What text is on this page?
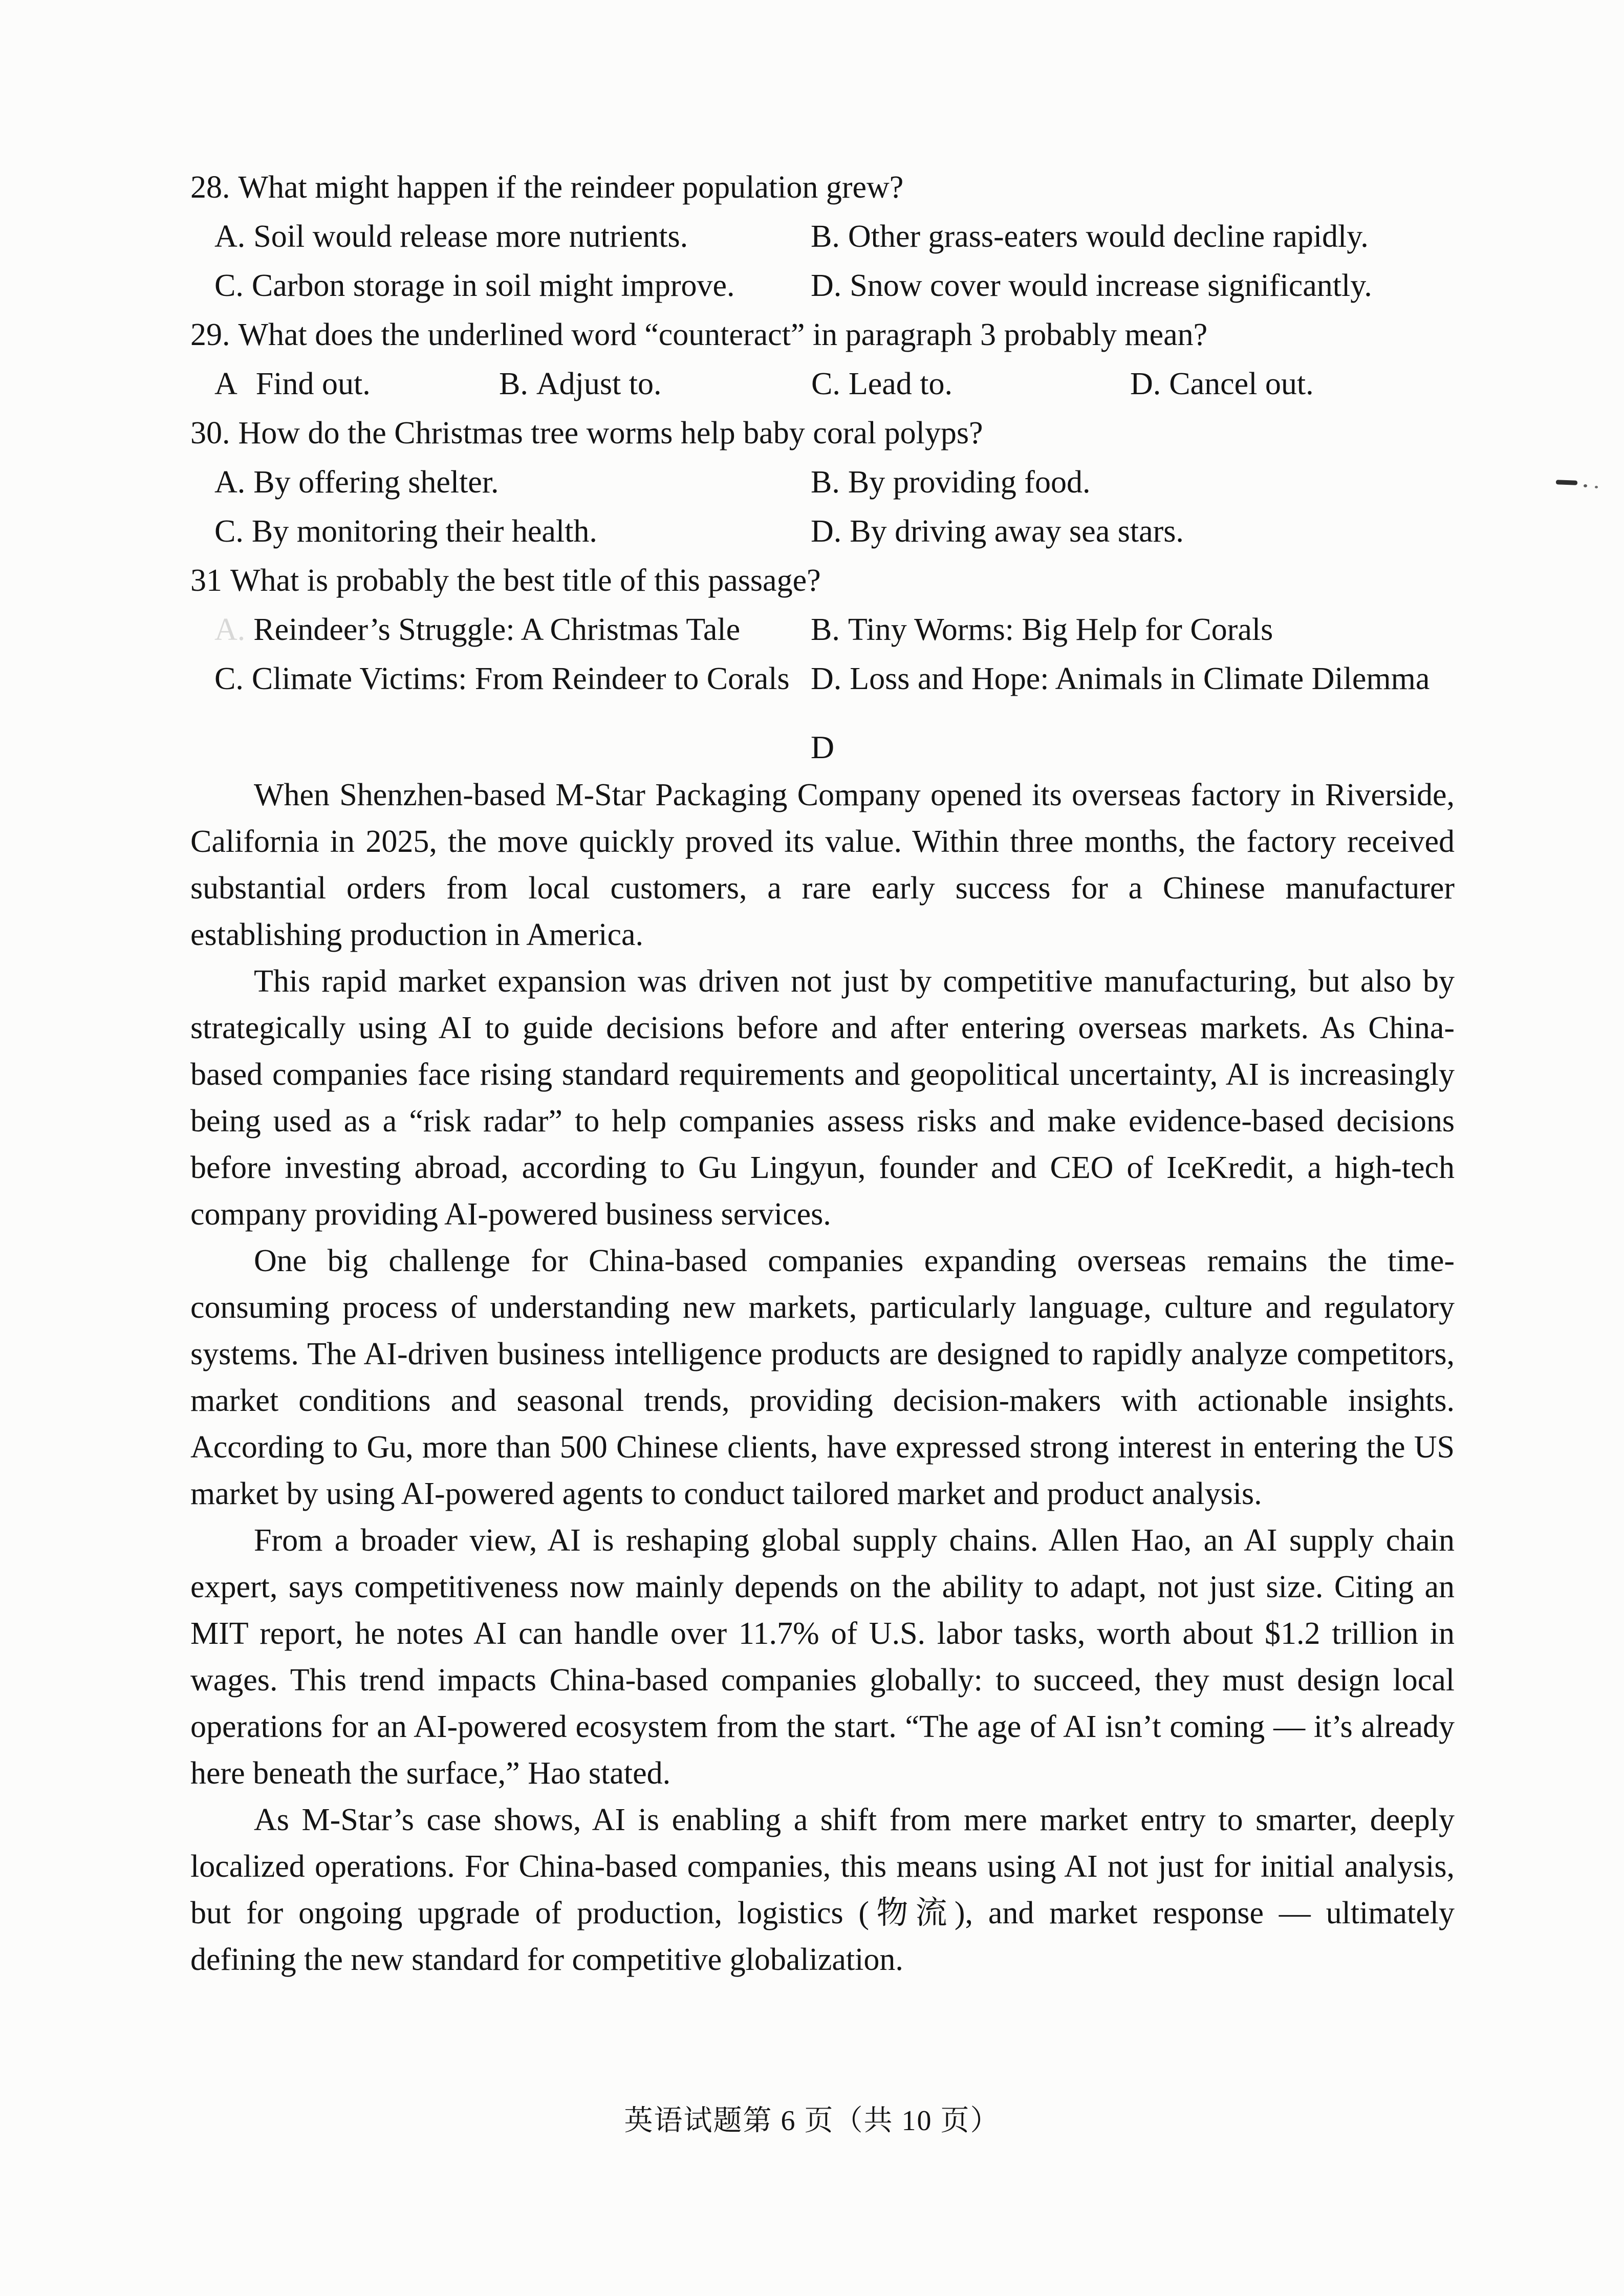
28. What might happen if the reindeer population grew?
A. Soil would release more nutrients.	B. Other grass-eaters would decline rapidly.
C. Carbon storage in soil might improve.	D. Snow cover would increase significantly.
29. What does the underlined word “counteract” in paragraph 3 probably mean?
A Find out.	B. Adjust to.	C. Lead to.	D. Cancel out.
30. How do the Christmas tree worms help baby coral polyps?
A. By offering shelter.	B. By providing food.
C. By monitoring their health.	D. By driving away sea stars.
31 What is probably the best title of this passage?
A. Reindeer’s Struggle: A Christmas Tale	B. Tiny Worms: Big Help for Corals
C. Climate Victims: From Reindeer to Corals D. Loss and Hope: Animals in Climate Dilemma
D

When Shenzhen-based M-Star Packaging Company opened its overseas factory in Riverside, California in 2025, the move quickly proved its value. Within three months, the factory received substantial orders from local customers, a rare early success for a Chinese manufacturer establishing production in America.

This rapid market expansion was driven not just by competitive manufacturing, but also by strategically using AI to guide decisions before and after entering overseas markets. As China-based companies face rising standard requirements and geopolitical uncertainty, AI is increasingly being used as a “risk radar” to help companies assess risks and make evidence-based decisions before investing abroad, according to Gu Lingyun, founder and CEO of IceKredit, a high-tech company providing AI-powered business services.

One big challenge for China-based companies expanding overseas remains the time-consuming process of understanding new markets, particularly language, culture and regulatory systems. The AI-driven business intelligence products are designed to rapidly analyze competitors, market conditions and seasonal trends, providing decision-makers with actionable insights. According to Gu, more than 500 Chinese clients, have expressed strong interest in entering the US market by using AI-powered agents to conduct tailored market and product analysis.

From a broader view, AI is reshaping global supply chains. Allen Hao, an AI supply chain expert, says competitiveness now mainly depends on the ability to adapt, not just size. Citing an MIT report, he notes AI can handle over 11.7% of U.S. labor tasks, worth about $1.2 trillion in wages. This trend impacts China-based companies globally: to succeed, they must design local operations for an AI-powered ecosystem from the start. “The age of AI isn’t coming — it’s already here beneath the surface,” Hao stated.

As M-Star’s case shows, AI is enabling a shift from mere market entry to smarter, deeply localized operations. For China-based companies, this means using AI not just for initial analysis, but for ongoing upgrade of production, logistics (物流), and market response — ultimately defining the new standard for competitive globalization.

英语试题第 6 页（共 10 页）
